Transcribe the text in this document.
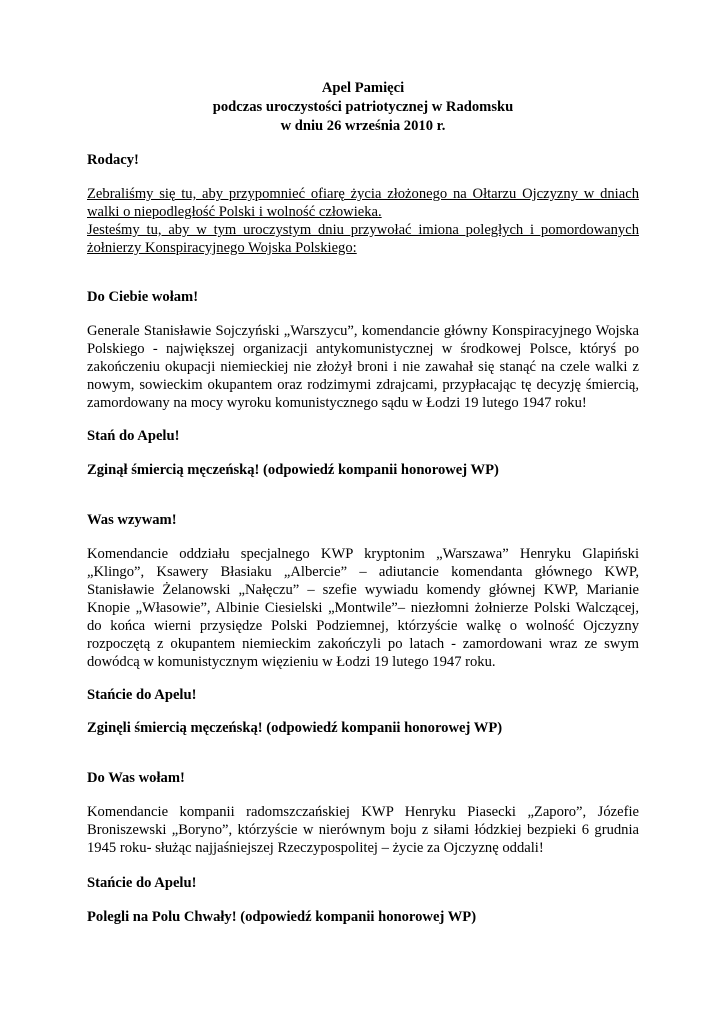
Apel Pamięci
podczas uroczystości patriotycznej w Radomsku
w dniu 26 września 2010 r.
Rodacy!
Zebraliśmy się tu, aby przypomnieć ofiarę życia złożonego na Ołtarzu Ojczyzny w dniach
walki o niepodległość Polski i wolność człowieka.
Jesteśmy tu, aby w tym uroczystym dniu przywołać imiona poległych i pomordowanych
żołnierzy Konspiracyjnego Wojska Polskiego:
Do Ciebie wołam!
Generale Stanisławie Sojczyński „Warszycu”, komendancie główny Konspiracyjnego Wojska
Polskiego - największej organizacji antykomunistycznej w środkowej Polsce, któryś po
zakończeniu okupacji niemieckiej nie złożył broni i nie zawahał się stanąć na czele walki z
nowym, sowieckim okupantem oraz rodzimymi zdrajcami, przypłacając tę decyzję śmiercią,
zamordowany na mocy wyroku komunistycznego sądu w Łodzi 19 lutego 1947 roku!
Stań do Apelu!
Zginął śmiercią męczeńską! (odpowiedź kompanii honorowej WP)
Was wzywam!
Komendancie oddziału specjalnego KWP kryptonim „Warszawa” Henryku Glapiński
„Klingo”, Ksawery Błasiaku „Albercie” – adiutancie komendanta głównego KWP,
Stanisławie Żelanowski „Nałęczu” – szefie wywiadu komendy głównej KWP, Marianie
Knopie „Własowie”, Albinie Ciesielski „Montwile”– niezłomni żołnierze Polski Walczącej,
do końca wierni przysiędze Polski Podziemnej, którzyście walkę o wolność Ojczyzny
rozpoczętą z okupantem niemieckim zakończyli po latach - zamordowani wraz ze swym
dowódcą w komunistycznym więzieniu w Łodzi 19 lutego 1947 roku.
Stańcie do Apelu!
Zginęli śmiercią męczeńską! (odpowiedź kompanii honorowej WP)
Do Was wołam!
Komendancie kompanii radomszczańskiej KWP Henryku Piasecki „Zaporo”, Józefie
Broniszewski „Boryno”, którzyście w nierównym boju z siłami łódzkiej bezpieki 6 grudnia
1945 roku- służąc najjaśniejszej Rzeczypospolitej – życie za Ojczyznę oddali!
Stańcie do Apelu!
Polegli na Polu Chwały! (odpowiedź kompanii honorowej WP)
